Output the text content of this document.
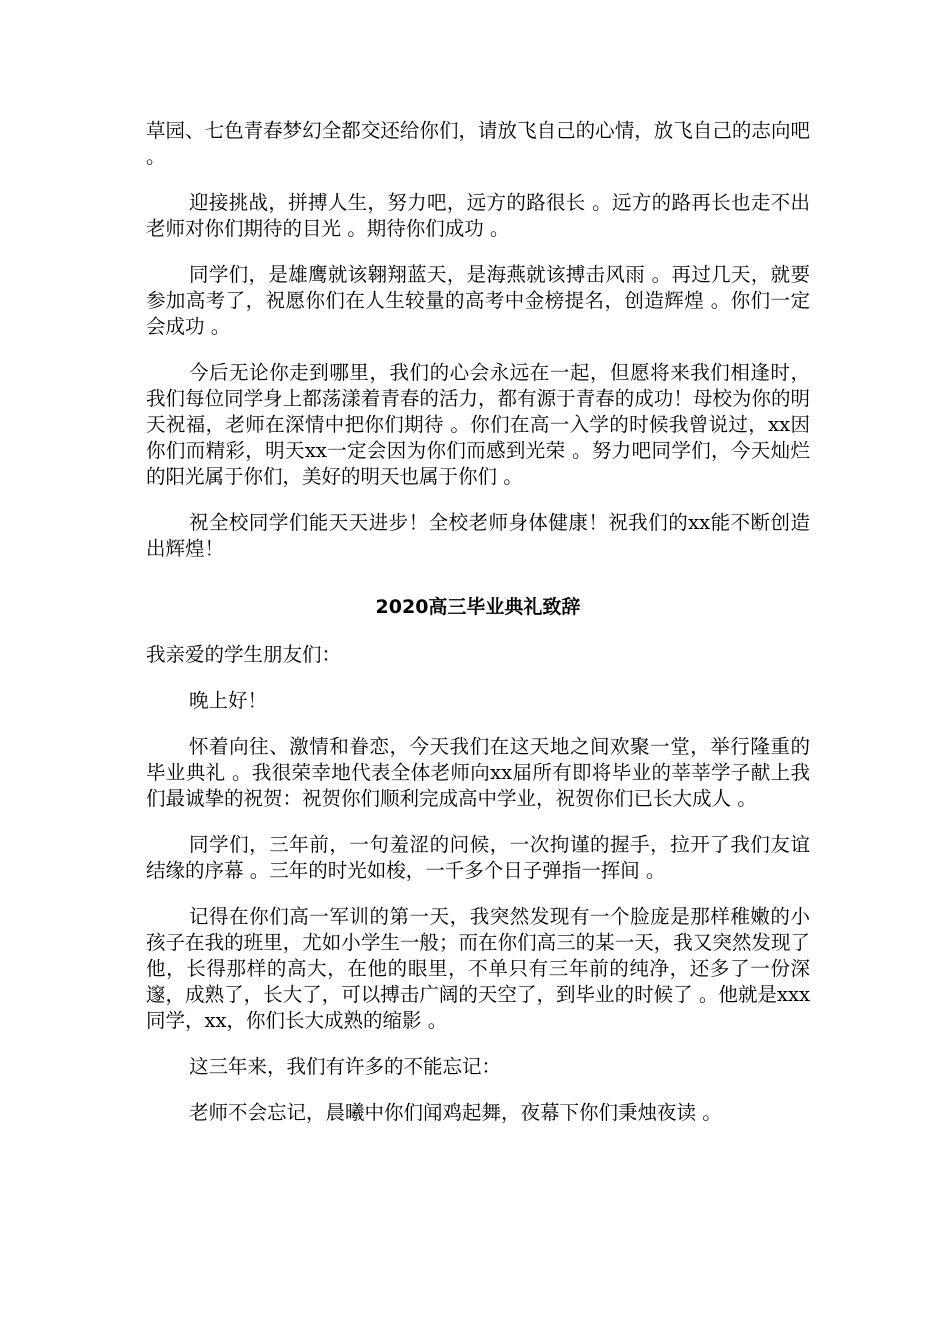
草园、七色青春梦幻全都交还给你们，请放飞自己的心情，放飞自己的志向吧 。

迎接挑战，拼搏人生，努力吧，远方的路很长 。远方的路再长也走不出老师对你们期待的目光 。期待你们成功 。

同学们，是雄鹰就该翱翔蓝天，是海燕就该搏击风雨 。再过几天，就要参加高考了，祝愿你们在人生较量的高考中金榜提名，创造辉煌 。你们一定会成功 。

今后无论你走到哪里，我们的心会永远在一起，但愿将来我们相逢时，我们每位同学身上都荡漾着青春的活力，都有源于青春的成功！母校为你的明天祝福，老师在深情中把你们期待 。你们在高一入学的时候我曾说过，xx因你们而精彩，明天xx一定会因为你们而感到光荣 。努力吧同学们，今天灿烂的阳光属于你们，美好的明天也属于你们 。

祝全校同学们能天天进步！全校老师身体健康！祝我们的xx能不断创造出辉煌！

2020高三毕业典礼致辞

我亲爱的学生朋友们：

晚上好！

怀着向往、激情和眷恋，今天我们在这天地之间欢聚一堂，举行隆重的毕业典礼 。我很荣幸地代表全体老师向xx届所有即将毕业的莘莘学子献上我们最诚挚的祝贺：祝贺你们顺利完成高中学业，祝贺你们已长大成人 。

同学们，三年前，一句羞涩的问候，一次拘谨的握手，拉开了我们友谊结缘的序幕 。三年的时光如梭，一千多个日子弹指一挥间 。

记得在你们高一军训的第一天，我突然发现有一个脸庞是那样稚嫩的小孩子在我的班里，尤如小学生一般；而在你们高三的某一天，我又突然发现了他，长得那样的高大，在他的眼里，不单只有三年前的纯净，还多了一份深邃，成熟了，长大了，可以搏击广阔的天空了，到毕业的时候了 。他就是xxx同学，xx，你们长大成熟的缩影 。

这三年来，我们有许多的不能忘记：

老师不会忘记，晨曦中你们闻鸡起舞，夜幕下你们秉烛夜读 。
